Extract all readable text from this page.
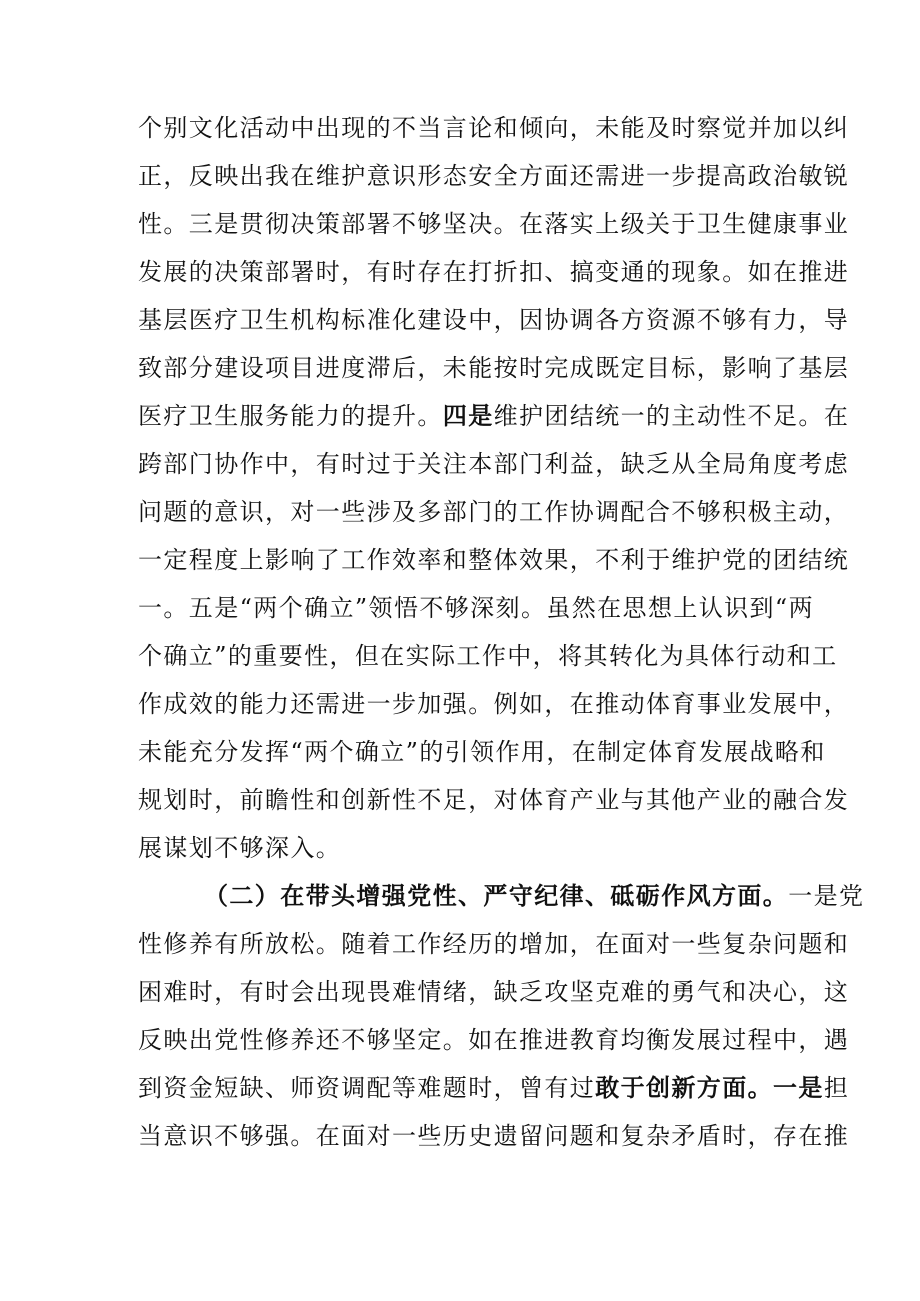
个别文化活动中出现的不当言论和倾向，未能及时察觉并加以纠
正，反映出我在维护意识形态安全方面还需进一步提高政治敏锐
性。三是贯彻决策部署不够坚决。在落实上级关于卫生健康事业
发展的决策部署时，有时存在打折扣、搞变通的现象。如在推进
基层医疗卫生机构标准化建设中，因协调各方资源不够有力，导
致部分建设项目进度滞后，未能按时完成既定目标，影响了基层
医疗卫生服务能力的提升。四是维护团结统一的主动性不足。在
跨部门协作中，有时过于关注本部门利益，缺乏从全局角度考虑
问题的意识，对一些涉及多部门的工作协调配合不够积极主动，
一定程度上影响了工作效率和整体效果，不利于维护党的团结统
一。五是“两个确立”领悟不够深刻。虽然在思想上认识到“两
个确立”的重要性，但在实际工作中，将其转化为具体行动和工
作成效的能力还需进一步加强。例如，在推动体育事业发展中，
未能充分发挥“两个确立”的引领作用，在制定体育发展战略和
规划时，前瞻性和创新性不足，对体育产业与其他产业的融合发
展谋划不够深入。
（二）在带头增强党性、严守纪律、砥砺作风方面。一是党
性修养有所放松。随着工作经历的增加，在面对一些复杂问题和
困难时，有时会出现畏难情绪，缺乏攻坚克难的勇气和决心，这
反映出党性修养还不够坚定。如在推进教育均衡发展过程中，遇
到资金短缺、师资调配等难题时，曾有过敢于创新方面。一是担
当意识不够强。在面对一些历史遗留问题和复杂矛盾时，存在推
